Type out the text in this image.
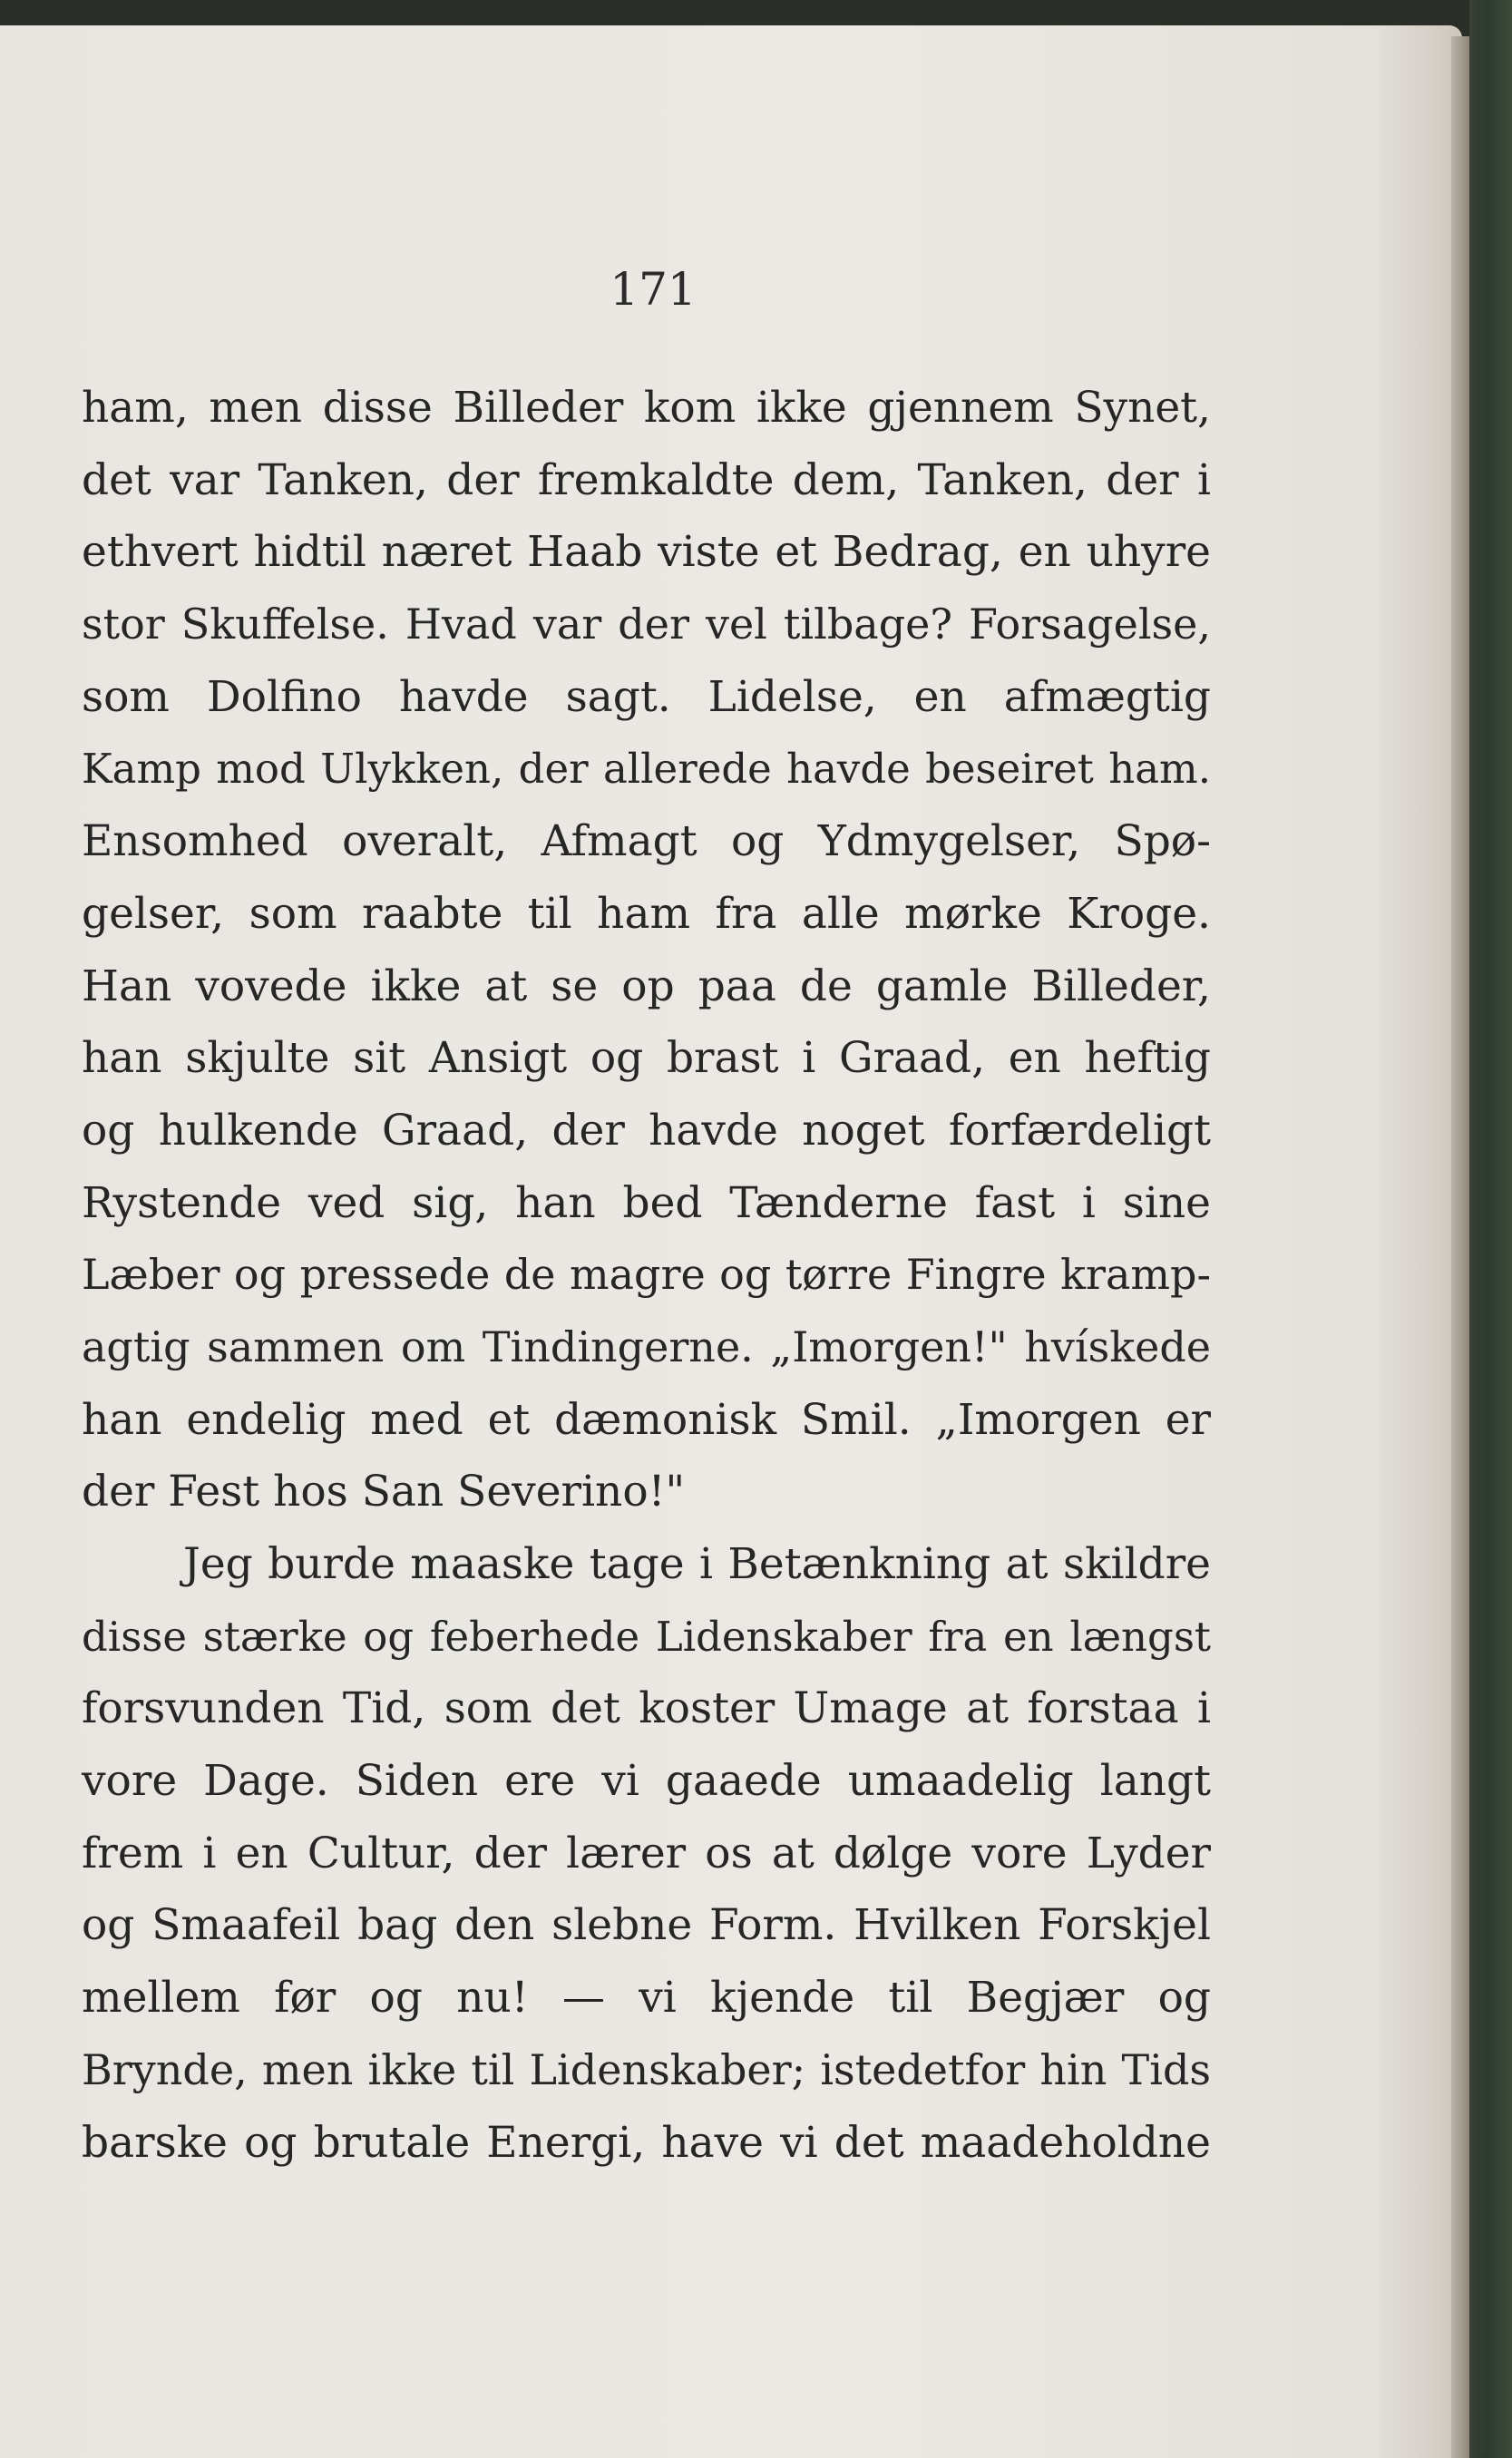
171
ham, men disse Billeder kom ikke gjennem Synet,
det var Tanken, der fremkaldte dem, Tanken, der i
ethvert hidtil næret Haab viste et Bedrag, en uhyre
stor Skuffelse. Hvad var der vel tilbage? Forsagelse,
som Dolfino havde sagt. Lidelse, en afmægtig
Kamp mod Ulykken, der allerede havde beseiret ham.
Ensomhed overalt, Afmagt og Ydmygelser, Spø-
gelser, som raabte til ham fra alle mørke Kroge.
Han vovede ikke at se op paa de gamle Billeder,
han skjulte sit Ansigt og brast i Graad, en heftig
og hulkende Graad, der havde noget forfærdeligt
Rystende ved sig, han bed Tænderne fast i sine
Læber og pressede de magre og tørre Fingre kramp-
agtig sammen om Tindingerne. „Imorgen!" hvískede
han endelig med et dæmonisk Smil. „Imorgen er
der Fest hos San Severino!"
Jeg burde maaske tage i Betænkning at skildre
disse stærke og feberhede Lidenskaber fra en længst
forsvunden Tid, som det koster Umage at forstaa i
vore Dage. Siden ere vi gaaede umaadelig langt
frem i en Cultur, der lærer os at dølge vore Lyder
og Smaafeil bag den slebne Form. Hvilken Forskjel
mellem før og nu! — vi kjende til Begjær og
Brynde, men ikke til Lidenskaber; istedetfor hin Tids
barske og brutale Energi, have vi det maadeholdne
